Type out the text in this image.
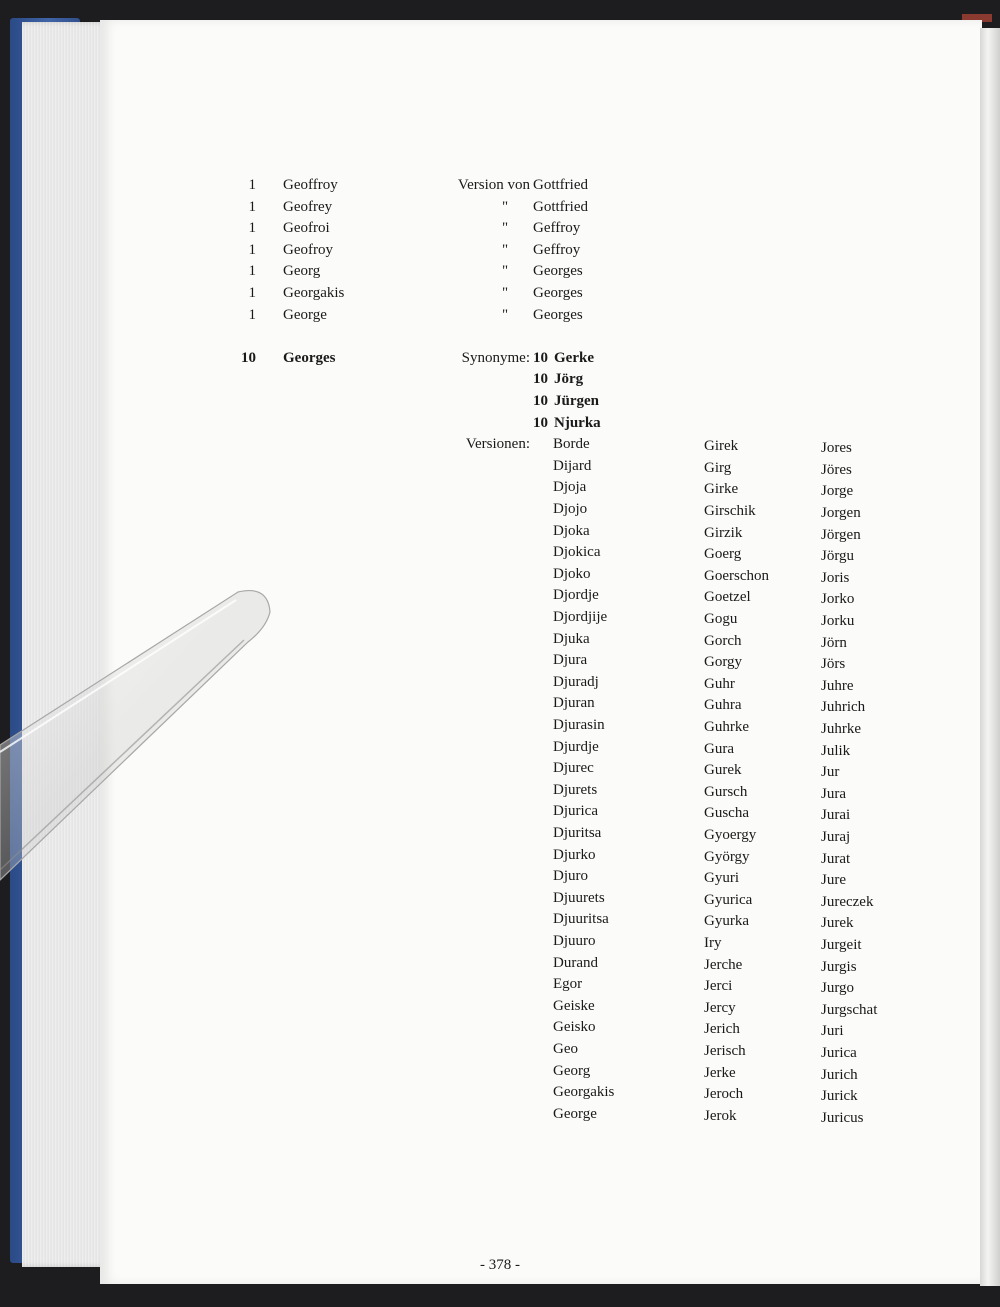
1 Geoffroy	Version von Gottfried
1 Geofrey	"	Gottfried
1 Geofroi	"	Geffroy
1 Geofroy	"	Geffroy
1 Georg	"	Georges
1 Georgakis	"	Georges
1 George	"	Georges
10 Georges	Synonyme: 10 Gerke
10 Jörg
10 Jürgen
10 Njurka
Versionen: Borde	Girek	Jores
Dijard	Girg	Jöres
Djoja	Girke	Jorge
Djojo	Girschik	Jorgen
Djoka	Girzik	Jörgen
Djokica	Goerg	Jörgu
Djoko	Goerschon	Joris
Djordje	Goetzel	Jorko
Djordjije	Gogu	Jorku
Djuka	Gorch	Jörn
Djura	Gorgy	Jörs
Djuradj	Guhr	Juhre
Djuran	Guhra	Juhrich
Djurasin	Guhrke	Juhrke
Djurdje	Gura	Julik
Djurec	Gurek	Jur
Djurets	Gursch	Jura
Djurica	Guscha	Jurai
Djuritsa	Gyoergy	Juraj
Djurko	György	Jurat
Djuro	Gyuri	Jure
Djuurets	Gyurica	Jureczek
Djuuritsa	Gyurka	Jurek
Djuuro	Iry	Jurgeit
Durand	Jerche	Jurgis
Egor	Jerci	Jurgo
Geiske	Jercy	Jurgschat
Geisko	Jerich	Juri
Geo	Jerisch	Jurica
Georg	Jerke	Jurich
Georgakis	Jeroch	Jurick
George	Jerok	Juricus
- 378 -
